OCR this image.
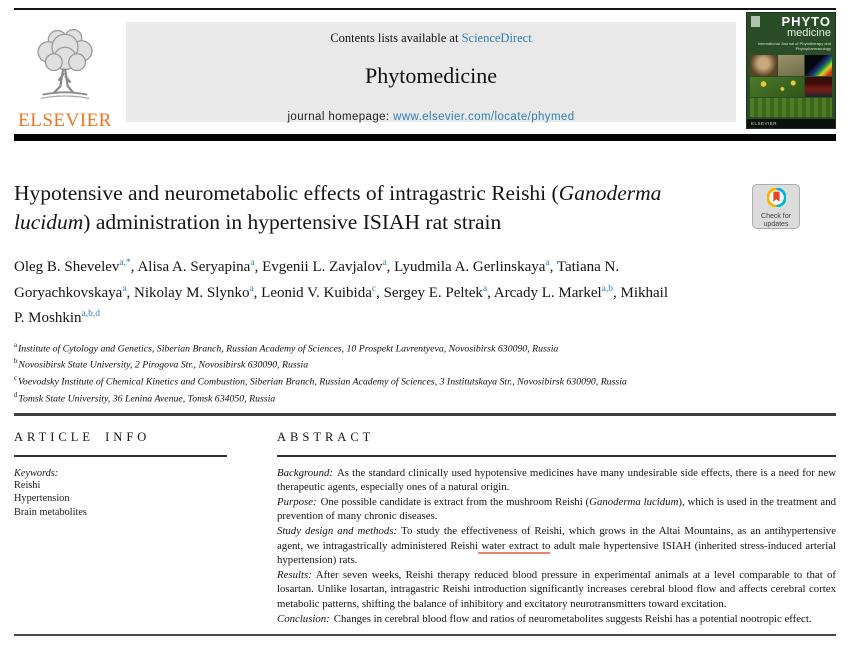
ELSEVIER
Contents lists available at ScienceDirect
Phytomedicine
journal homepage: www.elsevier.com/locate/phymed
PHYTO
medicine
International Journal of Phytotherapy and Phytopharmacology
ELSEVIER
Hypotensive and neurometabolic effects of intragastric Reishi (Ganoderma lucidum) administration in hypertensive ISIAH rat strain	Check for updates

Oleg B. Shevelev$^{a,*}$, Alisa A. Seryapina$^a$, Evgenii L. Zavjalov$^a$, Lyudmila A. Gerlinskaya$^a$, Tatiana N. Goryachkovskaya$^a$, Nikolay M. Slynko$^a$, Leonid V. Kuibida$^c$, Sergey E. Peltek$^a$, Arcady L. Markel$^{a,b}$, Mikhail P. Moshkin$^{a,b,d}$

$^a$Institute of Cytology and Genetics, Siberian Branch, Russian Academy of Sciences, 10 Prospekt Lavrentyeva, Novosibirsk 630090, Russia
$^b$Novosibirsk State University, 2 Pirogova Str., Novosibirsk 630090, Russia
$^c$Voevodsky Institute of Chemical Kinetics and Combustion, Siberian Branch, Russian Academy of Sciences, 3 Institutskaya Str., Novosibirsk 630090, Russia
$^d$Tomsk State University, 36 Lenina Avenue, Tomsk 634050, Russia
ARTICLE INFO
Keywords:
Reishi
Hypertension
Brain metabolites
ABSTRACT

Background: As the standard clinically used hypotensive medicines have many undesirable side effects, there is a need for new therapeutic agents, especially ones of a natural origin.

Purpose: One possible candidate is extract from the mushroom Reishi (Ganoderma lucidum), which is used in the treatment and prevention of many chronic diseases.

Study design and methods: To study the effectiveness of Reishi, which grows in the Altai Mountains, as an antihypertensive agent, we intragastrically administered Reishi water extract to adult male hypertensive ISIAH (inherited stress-induced arterial hypertension) rats.

Results: After seven weeks, Reishi therapy reduced blood pressure in experimental animals at a level comparable to that of losartan. Unlike losartan, intragastric Reishi introduction significantly increases cerebral blood flow and affects cerebral cortex metabolic patterns, shifting the balance of inhibitory and excitatory neurotransmitters toward excitation.

Conclusion: Changes in cerebral blood flow and ratios of neurometabolites suggests Reishi has a potential nootropic effect.
